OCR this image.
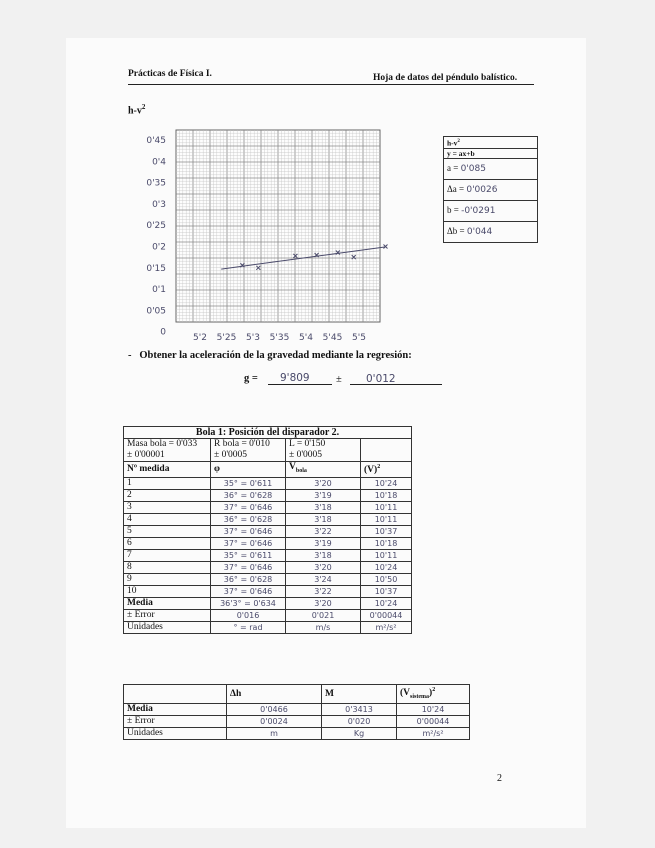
Prácticas de Física I.	Hoja de datos del péndulo balístico.
$h-v^2$
0'45
0'4
0'35
0'3
0'25
0'2
0'15
0'1
0'05
0
5'2 5'25 5'3 5'35 5'4 5'45 5'5
$h-v^2$
y = ax+b
a = 0'085
Δa = 0'0026
b = -0'0291
Δb = 0'044
- Obtener la aceleración de la gravedad mediante la regresión:
g = 9'809	± 0'012
Bola 1: Posición del disparador 2.			
Masa bola = 0'033	R bola = 0'010	L = 0'150	
± 0'00001	± 0'0005	± 0'0005	
Nº medida	φ	$V_{bola}$	$(V)^2$
1	35° = 0'611	3'20	10'24
2	36° = 0'628	3'19	10'18
3	37° = 0'646	3'18	10'11
4	36° = 0'628	3'18	10'11
5	37° = 0'646	3'22	10'37
6	37° = 0'646	3'19	10'18
7	35° = 0'611	3'18	10'11
8	37° = 0'646	3'20	10'24
9	36° = 0'628	3'24	10'50
10	37° = 0'646	3'22	10'37
Media	36'3° = 0'634	3'20	10'24
± Error	0'016	0'021	0'00044
Unidades	° = rad	m/s	m²/s²
	Δh	M	$(V_{sistema})^2$
Media	0'0466	0'3413	10'24
± Error	0'0024	0'020	0'00044
Unidades	m	Kg	m²/s²
2
